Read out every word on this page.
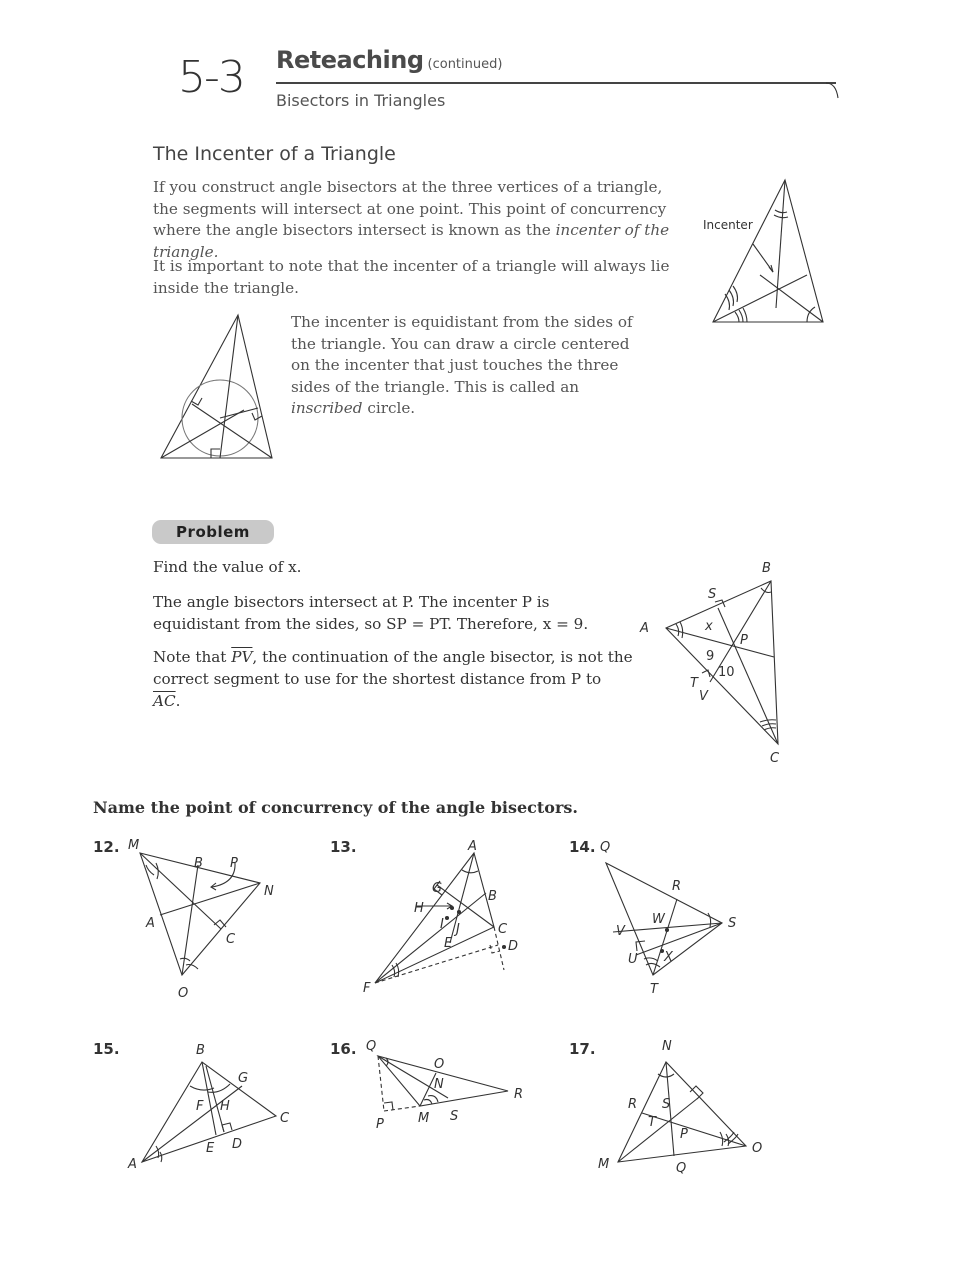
5-3 Reteaching (continued)
Bisectors in Triangles
The Incenter of a Triangle
If you construct angle bisectors at the three vertices of a triangle, the segments will intersect at one point. This point of concurrency where the angle bisectors intersect is known as the incenter of the triangle.
It is important to note that the incenter of a triangle will always lie inside the triangle.
The incenter is equidistant from the sides of the triangle. You can draw a circle centered on the incenter that just touches the three sides of the triangle. This is called an inscribed circle.
Incenter
Problem
Find the value of x.
The angle bisectors intersect at P. The incenter P is equidistant from the sides, so SP = PT. Therefore, x = 9.
Note that $\overline{PV}$, the continuation of the angle bisector, is not the correct segment to use for the shortest distance from P to $\overline{AC}$.
A
B
C
S
T
V
P
x
9
10
Name the point of concurrency of the angle bisectors.
12. M
B P
N
A
C
O
13.	A
G
B
H
I J	C
E	D
F
14. Q
R
W	S
V
U X
T
15.	B
G
F H
C
E D
A
16. Q
O
N
R
P	M S
17.	N
R S
T
P
O
M	Q
